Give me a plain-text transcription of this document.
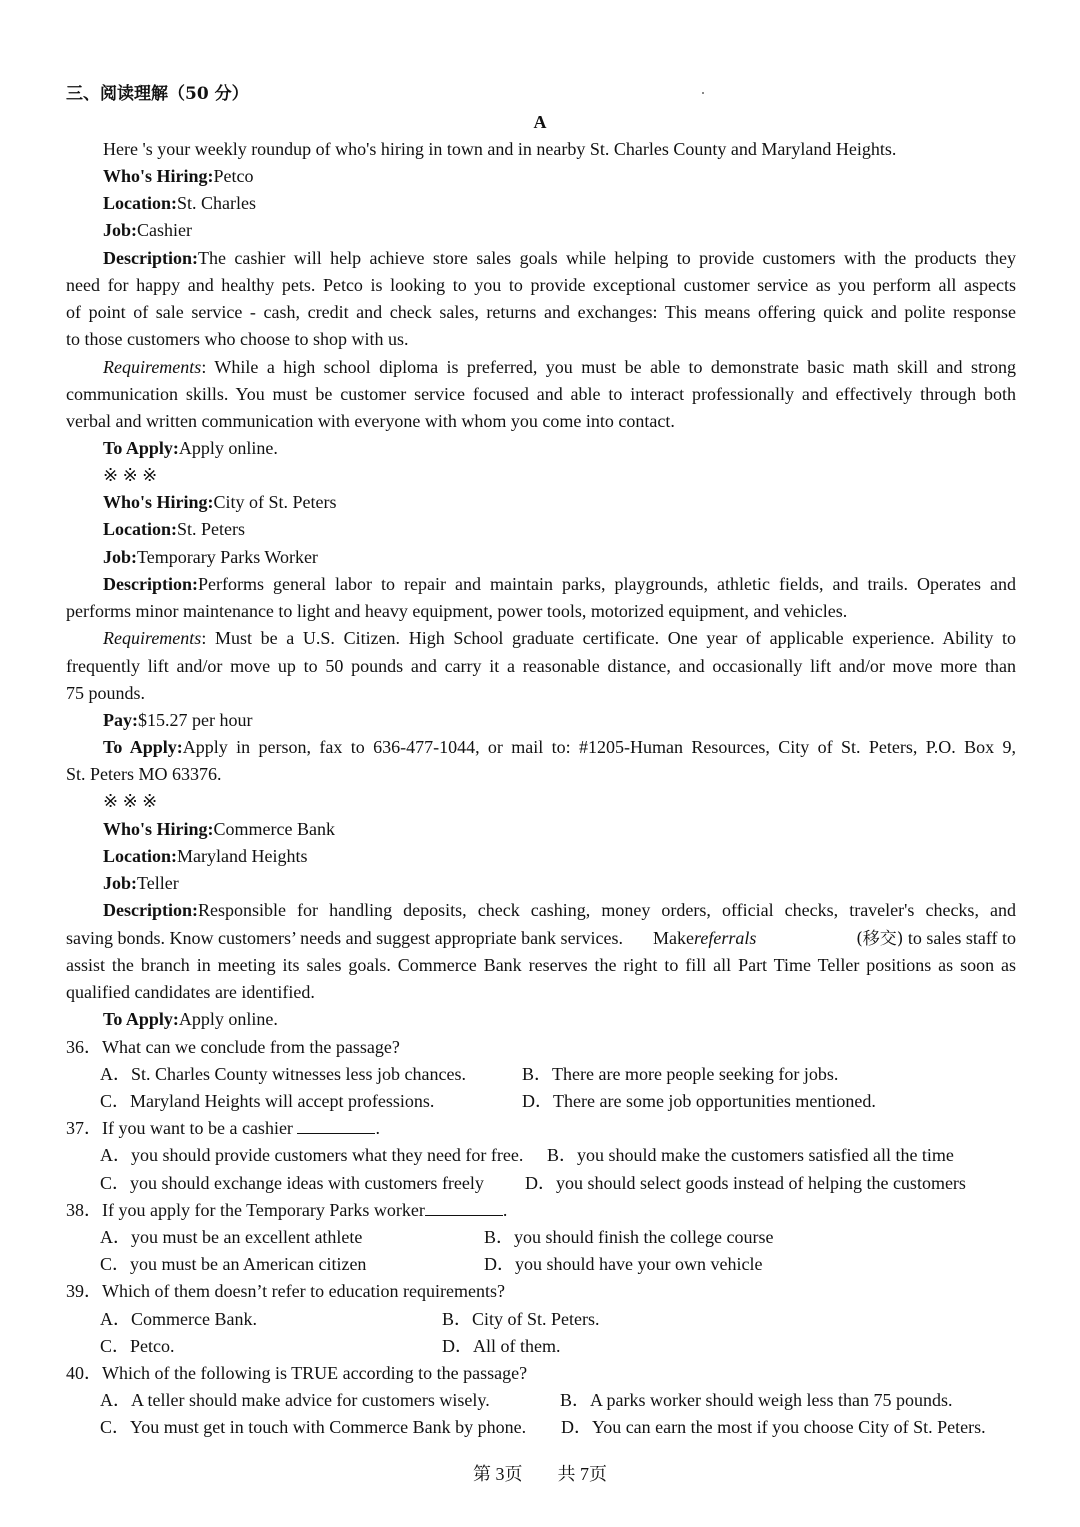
三、阅读理解（50 分）
A
Here 's your weekly roundup of who's hiring in town and in nearby St. Charles County and Maryland Heights.
Who's Hiring:Petco
Location:St. Charles
Job:Cashier
Description:The cashier will help achieve store sales goals while helping to provide customers with the products they
need for happy and healthy pets. Petco is looking to you to provide exceptional customer service as you perform all aspects
of point of sale service - cash, credit and check sales, returns and exchanges: This means offering quick and polite response
to those customers who choose to shop with us.
Requirements: While a high school diploma is preferred, you must be able to demonstrate basic math skill and strong
communication skills. You must be customer service focused and able to interact professionally and effectively through both
verbal and written communication with everyone with whom you come into contact.
To Apply:Apply online.
※ ※ ※
Who's Hiring:City of St. Peters
Location:St. Peters
Job:Temporary Parks Worker
Description:Performs general labor to repair and maintain parks, playgrounds, athletic fields, and trails. Operates and
performs minor maintenance to light and heavy equipment, power tools, motorized equipment, and vehicles.
Requirements: Must be a U.S. Citizen. High School graduate certificate. One year of applicable experience. Ability to
frequently lift and/or move up to 50 pounds and carry it a reasonable distance, and occasionally lift and/or move more than
75 pounds.
Pay:$15.27 per hour
To Apply:Apply in person, fax to 636-477-1044, or mail to: #1205-Human Resources, City of St. Peters, P.O. Box 9,
St. Peters MO 63376.
※ ※ ※
Who's Hiring:Commerce Bank
Location:Maryland Heights
Job:Teller
Description:Responsible for handling deposits, check cashing, money orders, official checks, traveler's checks, and
saving bonds. Know customers’ needs and suggest appropriate bank services. Makereferrals	(移交) to sales staff to
assist the branch in meeting its sales goals. Commerce Bank reserves the right to fill all Part Time Teller positions as soon as
qualified candidates are identified.
To Apply:Apply online.
36．What can we conclude from the passage?
A．St. Charles County witnesses less job chances.	B．There are more people seeking for jobs.
C．Maryland Heights will accept professions.	D．There are some job opportunities mentioned.
37．If you want to be a cashier	.
A．you should provide customers what they need for free. B．you should make the customers satisfied all the time
C．you should exchange ideas with customers freely D．you should select goods instead of helping the customers
38．If you apply for the Temporary Parks worker	.
A．you must be an excellent athlete	B．you should finish the college course
C．you must be an American citizen	D．you should have your own vehicle
39．Which of them doesn’t refer to education requirements?
A．Commerce Bank.	B．City of St. Peters.
C．Petco.	D．All of them.
40．Which of the following is TRUE according to the passage?
A．A teller should make advice for customers wisely.	B．A parks worker should weigh less than 75 pounds.
C．You must get in touch with Commerce Bank by phone. D．You can earn the most if you choose City of St. Peters.
第 3页 共 7页
